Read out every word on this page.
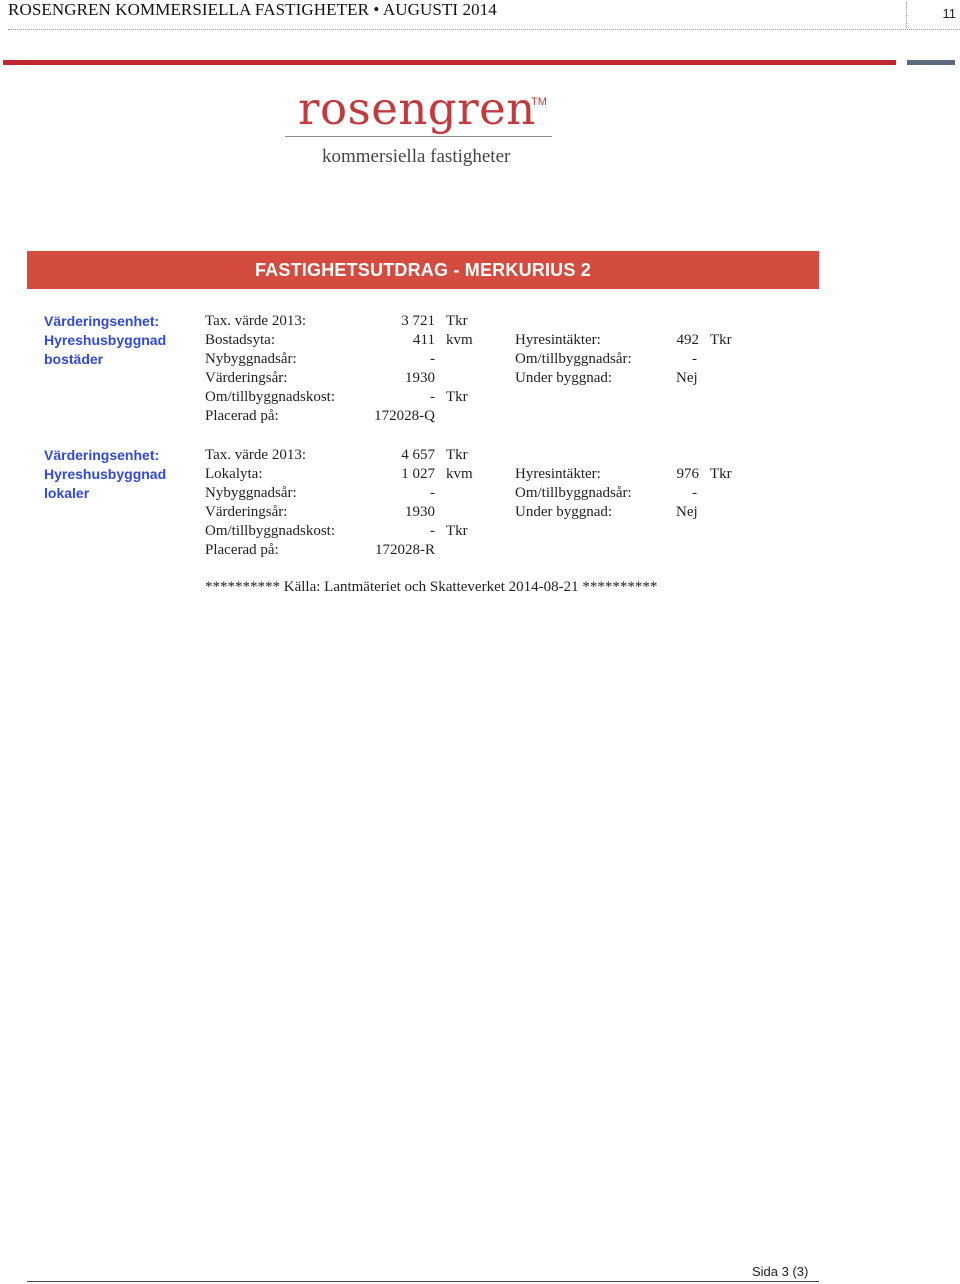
ROSENGREN KOMMERSIELLA FASTIGHETER • AUGUSTI 2014	11
rosengren
TM
kommersiella fastigheter
FASTIGHETSUTDRAG - MERKURIUS 2
Värderingsenhet:
Hyreshusbyggnad
bostäder
Tax. värde 2013:	3 721 Tkr
Bostadsyta:	411 kvm
Nybyggnadsår:	-
Värderingsår:	1930
Om/tillbyggnadskost:	- Tkr
Placerad på:	172028-Q
Hyresintäkter:	492 Tkr
Om/tillbyggnadsår:	-
Under byggnad:	Nej
Värderingsenhet:
Hyreshusbyggnad
lokaler
Tax. värde 2013:	4 657 Tkr
Lokalyta:	1 027 kvm
Nybyggnadsår:	-
Värderingsår:	1930
Om/tillbyggnadskost:	- Tkr
Placerad på:	172028-R
Hyresintäkter:	976 Tkr
Om/tillbyggnadsår:	-
Under byggnad:	Nej
********** Källa: Lantmäteriet och Skatteverket 2014-08-21 **********
Sida 3 (3)
